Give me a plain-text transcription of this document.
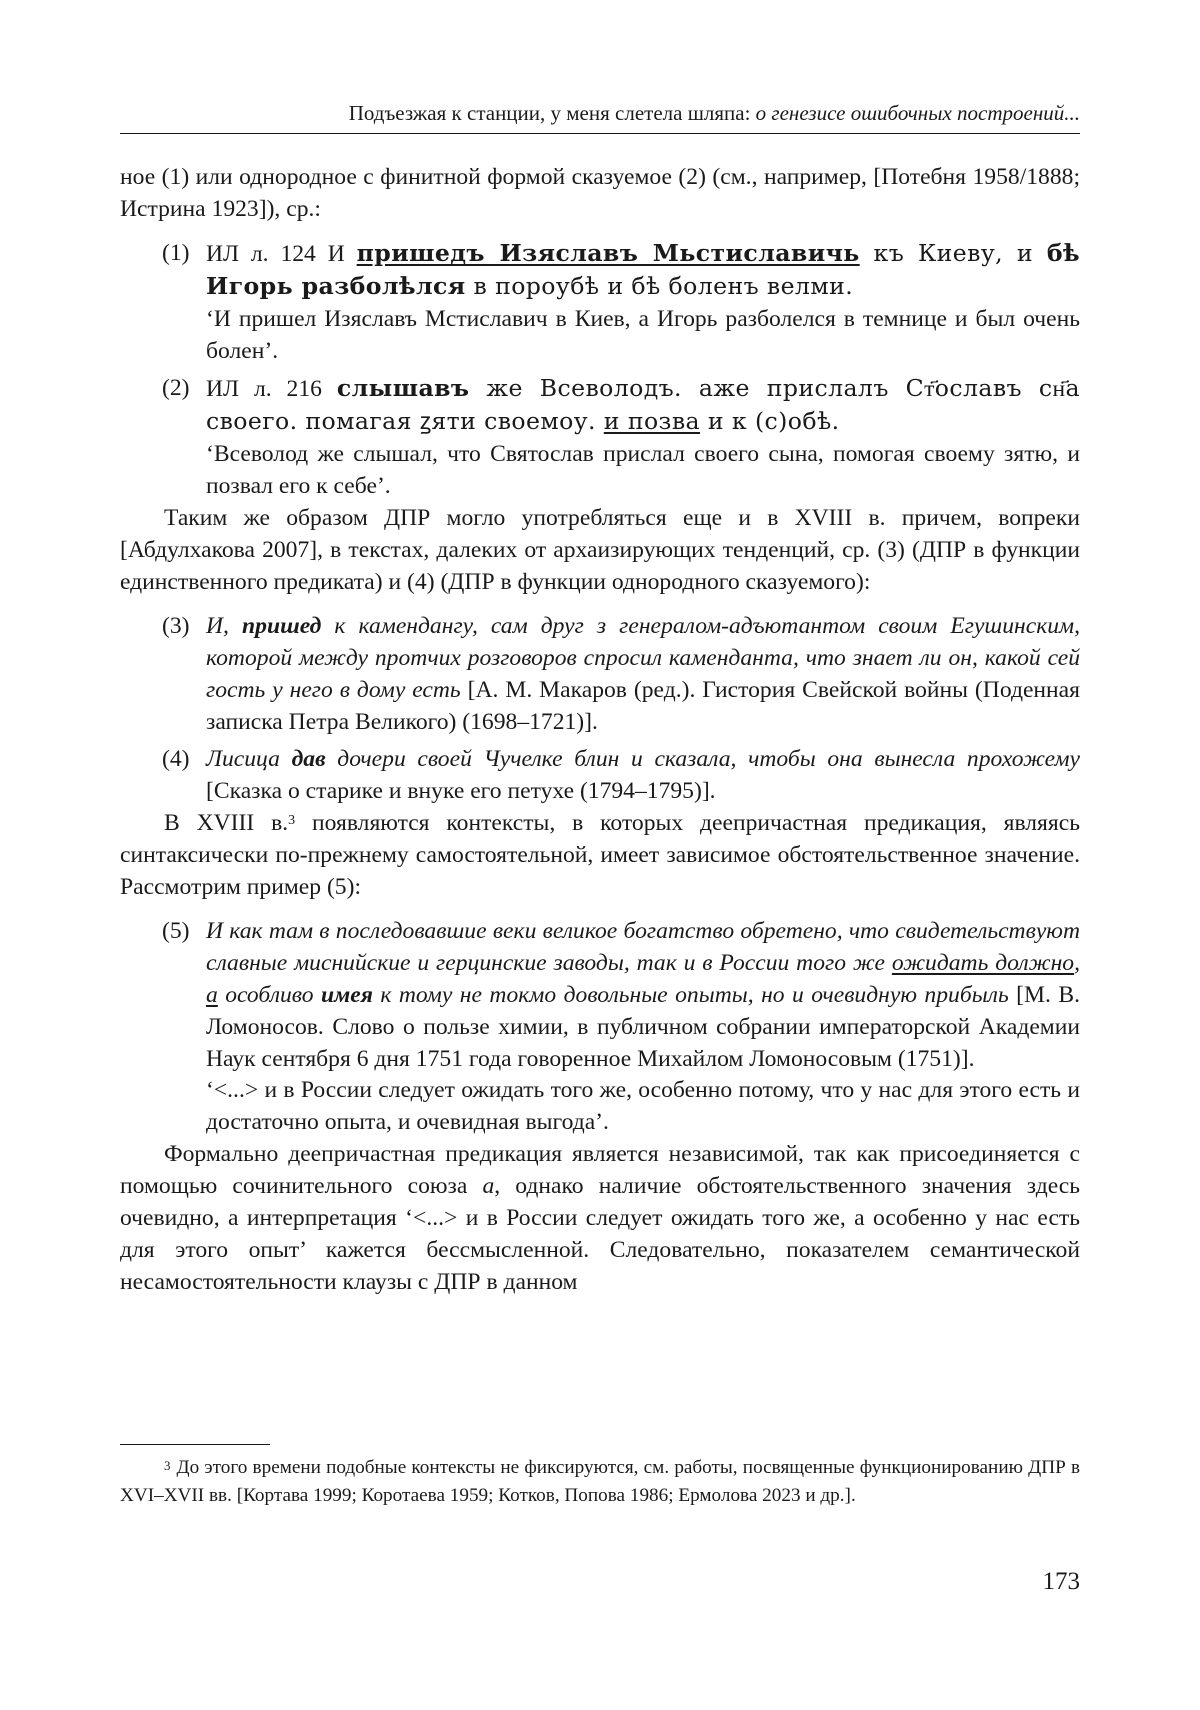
Подъезжая к станции, у меня слетела шляпа: о генезисе ошибочных построений...

ное (1) или однородное с финитной формой сказуемое (2) (см., например, [Потебня 1958/1888; Истрина 1923]), ср.:

(1) ИЛ л. 124 И пришедъ Изяславъ Мьстиславичь къ Киеву, и бѣ Игорь разболѣлся в пороубѣ и бѣ боленъ велми.
‘И пришел Изяславъ Мстиславич в Киев, а Игорь разболелся в темнице и был очень болен’.
(2) ИЛ л. 216 слышавъ же Всеволодъ. аже прислалъ Ст҃ославъ сн҃а своего. помагая ꙁяти своемоу. и позва и к (с)обѣ.
‘Всеволод же слышал, что Святослав прислал своего сына, помогая своему зятю, и позвал его к себе’.

Таким же образом ДПР могло употребляться еще и в XVIII в. причем, вопреки [Абдулхакова 2007], в текстах, далеких от архаизирующих тенденций, ср. (3) (ДПР в функции единственного предиката) и (4) (ДПР в функции однородного сказуемого):

(3) И, пришед к камендангу, сам друг з генералом-адъютантом своим Егушинским, которой между протчих розговоров спросил каменданта, что знает ли он, какой сей гость у него в дому есть [А. М. Макаров (ред.). Гистория Свейской войны (Поденная записка Петра Великого) (1698–1721)].
(4) Лисица дав дочери своей Чучелке блин и сказала, чтобы она вынесла прохожему [Сказка о старике и внуке его петухе (1794–1795)].

В XVIII в.$^3$ появляются контексты, в которых деепричастная предикация, являясь синтаксически по-прежнему самостоятельной, имеет зависимое обстоятельственное значение. Рассмотрим пример (5):

(5) И как там в последовавшие веки великое богатство обретено, что свидетельствуют славные миснийские и герцинские заводы, так и в России того же ожидать должно, а особливо имея к тому не токмо довольные опыты, но и очевидную прибыль [М. В. Ломоносов. Слово о пользе химии, в публичном собрании императорской Академии Наук сентября 6 дня 1751 года говоренное Михайлом Ломоносовым (1751)].
‘<...> и в России следует ожидать того же, особенно потому, что у нас для этого есть и достаточно опыта, и очевидная выгода’.

Формально деепричастная предикация является независимой, так как присоединяется с помощью сочинительного союза а, однако наличие обстоятельственного значения здесь очевидно, а интерпретация ‘<...> и в России следует ожидать того же, а особенно у нас есть для этого опыт’ кажется бессмысленной. Следовательно, показателем семантической несамостоятельности клаузы с ДПР в данном

$^3$ До этого времени подобные контексты не фиксируются, см. работы, посвященные функционированию ДПР в XVI–XVII вв. [Кортава 1999; Коротаева 1959; Котков, Попова 1986; Ермолова 2023 и др.].

173
